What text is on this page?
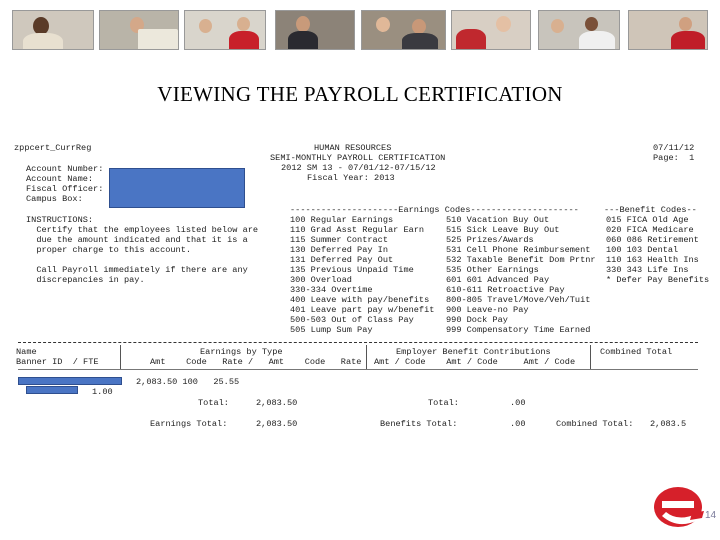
VIEWING THE PAYROLL CERTIFICATION
zppcert_CurrReg	HUMAN RESOURCES
SEMI-MONTHLY PAYROLL CERTIFICATION
2012 SM 13 - 07/01/12-07/15/12
Fiscal Year: 2013
07/11/12
Page:  1
Account Number:
Account Name:
Fiscal Officer:
Campus Box:
INSTRUCTIONS:
Certify that the employees listed below are
due the amount indicated and that it is a
proper charge to this account.
Call Payroll immediately if there are any
discrepancies in pay.
---------------------Earnings Codes---------------------	---Benefit Codes--
100 Regular Earnings
110 Grad Asst Regular Earn
115 Summer Contract
130 Deferred Pay In
131 Deferred Pay Out
135 Previous Unpaid Time
300 Overload
330-334 Overtime
400 Leave with pay/benefits
401 Leave part pay w/benefit
500-503 Out of Class Pay
505 Lump Sum Pay
510 Vacation Buy Out
515 Sick Leave Buy Out
525 Prizes/Awards
531 Cell Phone Reimbursement
532 Taxable Benefit Dom Prtnr
535 Other Earnings
601 601 Advanced Pay
610-611 Retroactive Pay
800-805 Travel/Move/Veh/Tuit
900 Leave-no Pay
990 Dock Pay
999 Compensatory Time Earned
015 FICA Old Age
020 FICA Medicare
060 086 Retirement
100 103 Dental
110 163 Health Ins
330 343 Life Ins
* Defer Pay Benefits
Name	Earnings by Type	Employer Benefit Contributions	Combined Total
Banner ID  / FTE	Amt    Code   Rate /   Amt    Code   Rate Amt / Code    Amt / Code     Amt / Code
2,083.50 100   25.55
1.00
Total:	2,083.50	Total:	.00
Earnings Total:	2,083.50	Benefits Total:	.00	Combined Total: 2,083.5
14
